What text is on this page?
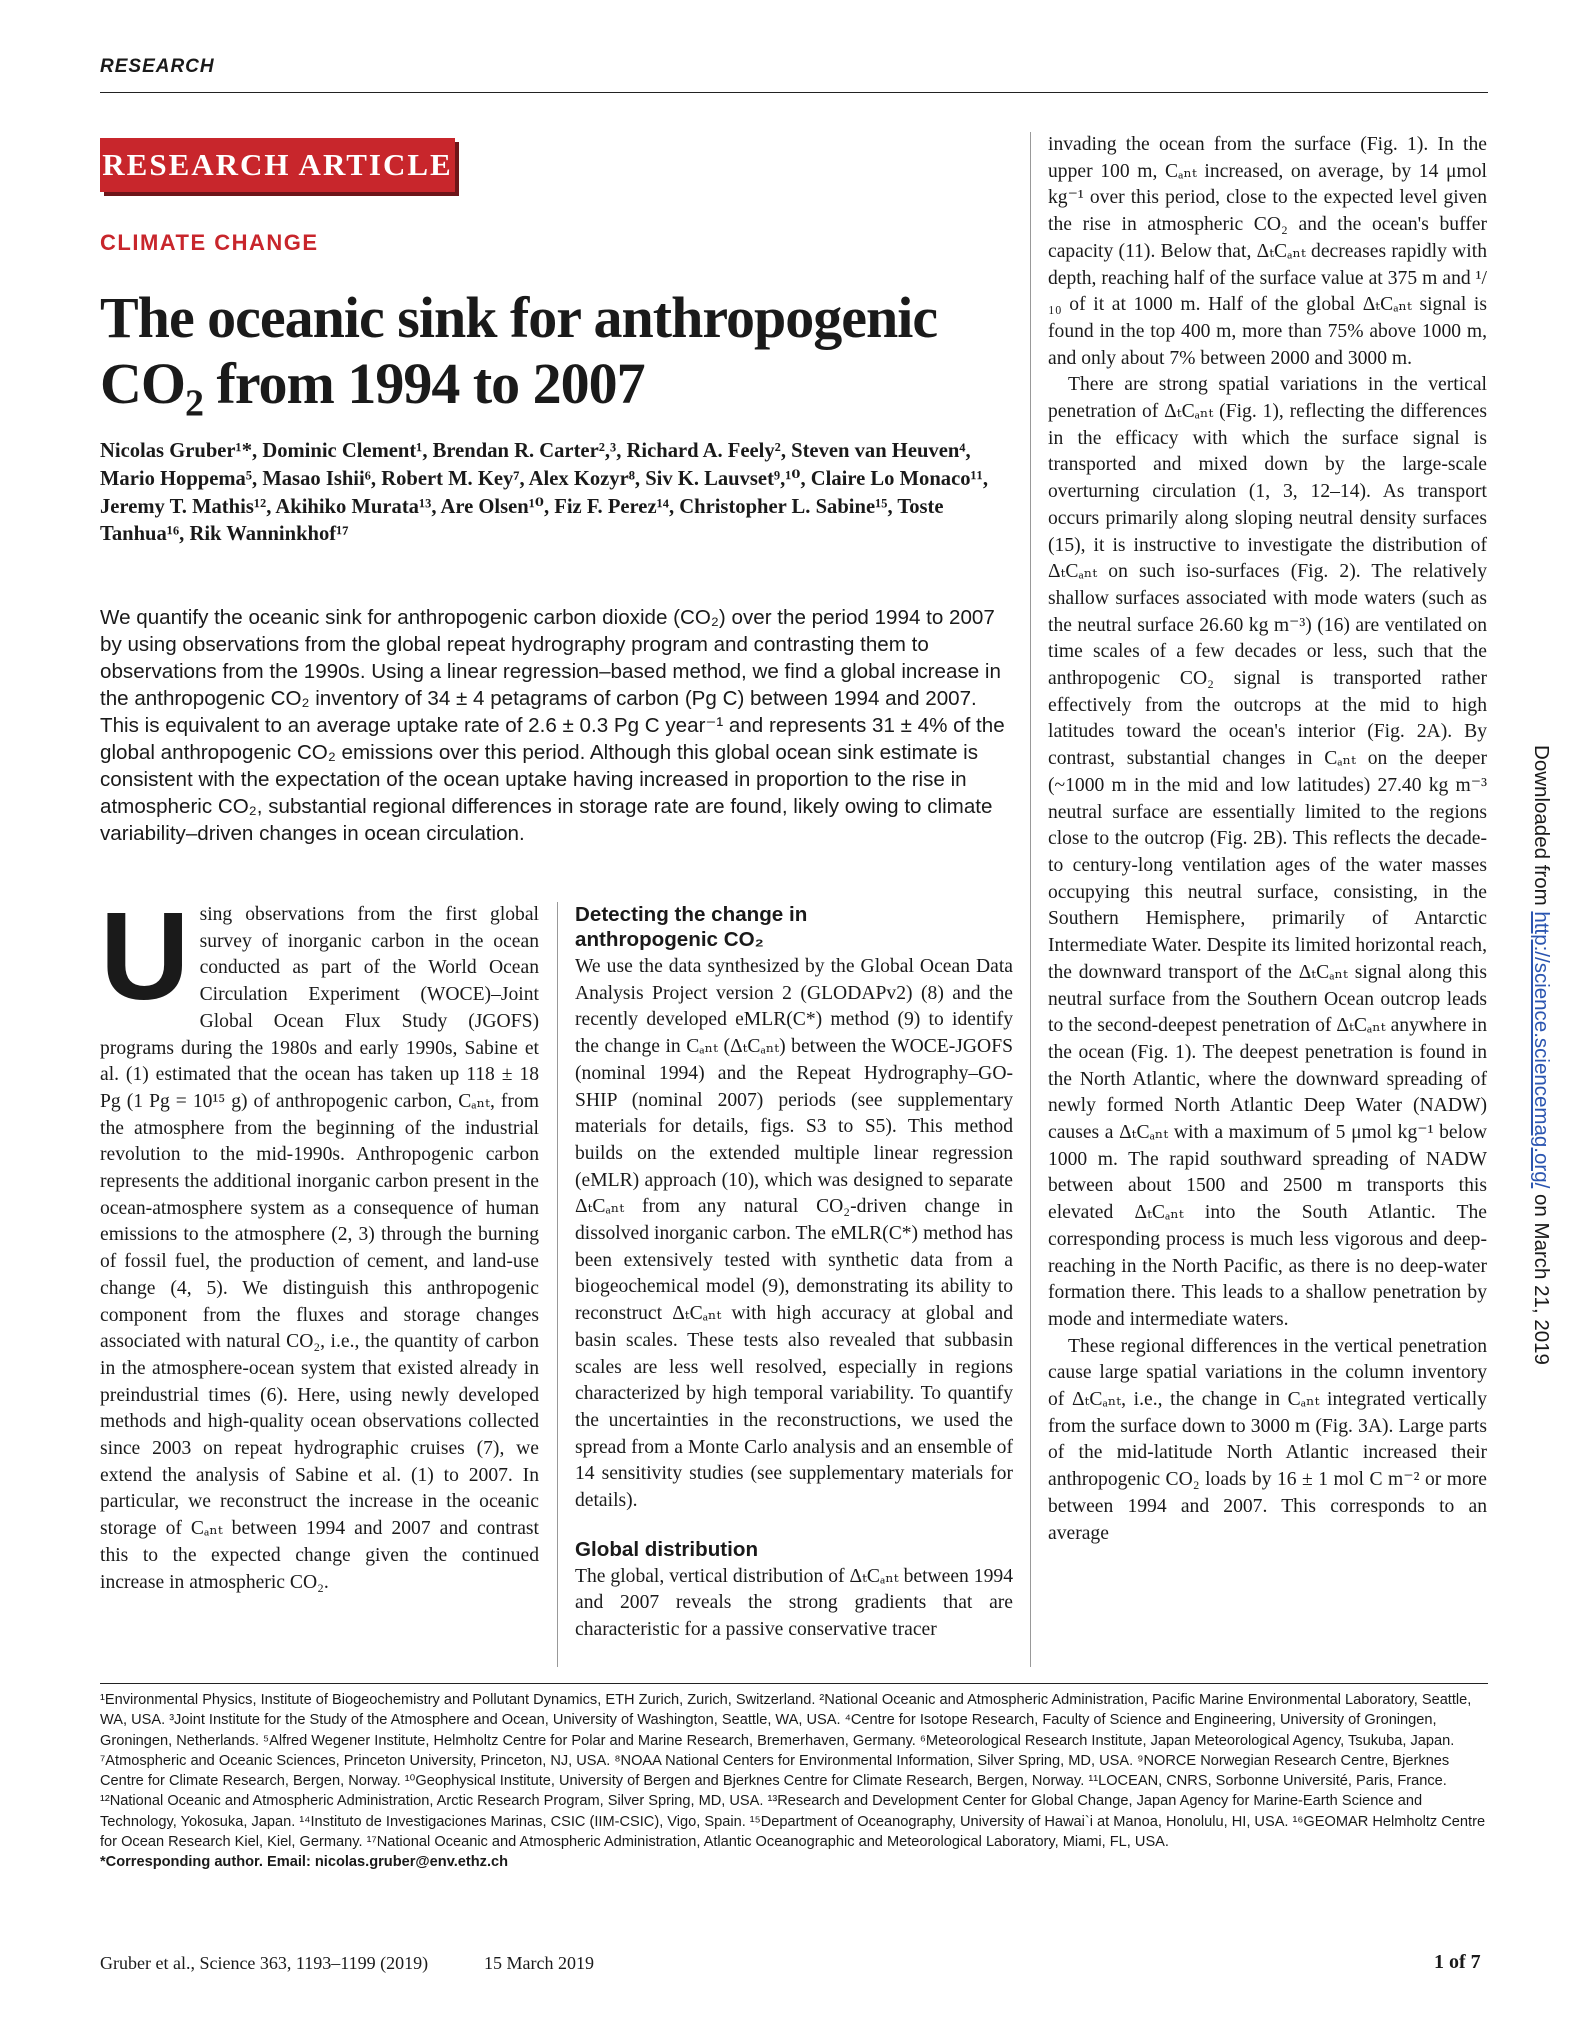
RESEARCH
RESEARCH ARTICLE
CLIMATE CHANGE
The oceanic sink for anthropogenic
$CO_2$ from 1994 to 2007
Nicolas Gruber¹*, Dominic Clement¹, Brendan R. Carter²,³, Richard A. Feely², Steven van Heuven⁴, Mario Hoppema⁵, Masao Ishii⁶, Robert M. Key⁷, Alex Kozyr⁸, Siv K. Lauvset⁹,¹⁰, Claire Lo Monaco¹¹, Jeremy T. Mathis¹², Akihiko Murata¹³, Are Olsen¹⁰, Fiz F. Perez¹⁴, Christopher L. Sabine¹⁵, Toste Tanhua¹⁶, Rik Wanninkhof¹⁷
We quantify the oceanic sink for anthropogenic carbon dioxide (CO₂) over the period 1994 to 2007 by using observations from the global repeat hydrography program and contrasting them to observations from the 1990s. Using a linear regression–based method, we find a global increase in the anthropogenic CO₂ inventory of 34 ± 4 petagrams of carbon (Pg C) between 1994 and 2007. This is equivalent to an average uptake rate of 2.6 ± 0.3 Pg C year⁻¹ and represents 31 ± 4% of the global anthropogenic CO₂ emissions over this period. Although this global ocean sink estimate is consistent with the expectation of the ocean uptake having increased in proportion to the rise in atmospheric CO₂, substantial regional differences in storage rate are found, likely owing to climate variability–driven changes in ocean circulation.
U sing observations from the first global survey of inorganic carbon in the ocean conducted as part of the World Ocean Circulation Experiment (WOCE)–Joint Global Ocean Flux Study (JGOFS) programs during the 1980s and early 1990s, Sabine et al. (1) estimated that the ocean has taken up 118 ± 18 Pg (1 Pg = 10¹⁵ g) of anthropogenic carbon, Cₐₙₜ, from the atmosphere from the beginning of the industrial revolution to the mid-1990s. Anthropogenic carbon represents the additional inorganic carbon present in the ocean-atmosphere system as a consequence of human emissions to the atmosphere (2, 3) through the burning of fossil fuel, the production of cement, and land-use change (4, 5). We distinguish this anthropogenic component from the fluxes and storage changes associated with natural CO₂, i.e., the quantity of carbon in the atmosphere-ocean system that existed already in preindustrial times (6). Here, using newly developed methods and high-quality ocean observations collected since 2003 on repeat hydrographic cruises (7), we extend the analysis of Sabine et al. (1) to 2007. In particular, we reconstruct the increase in the oceanic storage of Cₐₙₜ between 1994 and 2007 and contrast this to the expected change given the continued increase in atmospheric CO₂.

Detecting the change in
anthropogenic CO₂

We use the data synthesized by the Global Ocean Data Analysis Project version 2 (GLODAPv2) (8) and the recently developed eMLR(C*) method (9) to identify the change in Cₐₙₜ (ΔₜCₐₙₜ) between the WOCE-JGOFS (nominal 1994) and the Repeat Hydrography–GO-SHIP (nominal 2007) periods (see supplementary materials for details, figs. S3 to S5). This method builds on the extended multiple linear regression (eMLR) approach (10), which was designed to separate ΔₜCₐₙₜ from any natural CO₂-driven change in dissolved inorganic carbon. The eMLR(C*) method has been extensively tested with synthetic data from a biogeochemical model (9), demonstrating its ability to reconstruct ΔₜCₐₙₜ with high accuracy at global and basin scales. These tests also revealed that subbasin scales are less well resolved, especially in regions characterized by high temporal variability. To quantify the uncertainties in the reconstructions, we used the spread from a Monte Carlo analysis and an ensemble of 14 sensitivity studies (see supplementary materials for details).

Global distribution

The global, vertical distribution of ΔₜCₐₙₜ between 1994 and 2007 reveals the strong gradients that are characteristic for a passive conservative tracer

invading the ocean from the surface (Fig. 1). In the upper 100 m, Cₐₙₜ increased, on average, by 14 μmol kg⁻¹ over this period, close to the expected level given the rise in atmospheric CO₂ and the ocean's buffer capacity (11). Below that, ΔₜCₐₙₜ decreases rapidly with depth, reaching half of the surface value at 375 m and ¹/₁₀ of it at 1000 m. Half of the global ΔₜCₐₙₜ signal is found in the top 400 m, more than 75% above 1000 m, and only about 7% between 2000 and 3000 m.

There are strong spatial variations in the vertical penetration of ΔₜCₐₙₜ (Fig. 1), reflecting the differences in the efficacy with which the surface signal is transported and mixed down by the large-scale overturning circulation (1, 3, 12–14). As transport occurs primarily along sloping neutral density surfaces (15), it is instructive to investigate the distribution of ΔₜCₐₙₜ on such iso-surfaces (Fig. 2). The relatively shallow surfaces associated with mode waters (such as the neutral surface 26.60 kg m⁻³) (16) are ventilated on time scales of a few decades or less, such that the anthropogenic CO₂ signal is transported rather effectively from the outcrops at the mid to high latitudes toward the ocean's interior (Fig. 2A). By contrast, substantial changes in Cₐₙₜ on the deeper (~1000 m in the mid and low latitudes) 27.40 kg m⁻³ neutral surface are essentially limited to the regions close to the outcrop (Fig. 2B). This reflects the decade- to century-long ventilation ages of the water masses occupying this neutral surface, consisting, in the Southern Hemisphere, primarily of Antarctic Intermediate Water. Despite its limited horizontal reach, the downward transport of the ΔₜCₐₙₜ signal along this neutral surface from the Southern Ocean outcrop leads to the second-deepest penetration of ΔₜCₐₙₜ anywhere in the ocean (Fig. 1). The deepest penetration is found in the North Atlantic, where the downward spreading of newly formed North Atlantic Deep Water (NADW) causes a ΔₜCₐₙₜ with a maximum of 5 μmol kg⁻¹ below 1000 m. The rapid southward spreading of NADW between about 1500 and 2500 m transports this elevated ΔₜCₐₙₜ into the South Atlantic. The corresponding process is much less vigorous and deep-reaching in the North Pacific, as there is no deep-water formation there. This leads to a shallow penetration by mode and intermediate waters.

These regional differences in the vertical penetration cause large spatial variations in the column inventory of ΔₜCₐₙₜ, i.e., the change in Cₐₙₜ integrated vertically from the surface down to 3000 m (Fig. 3A). Large parts of the mid-latitude North Atlantic increased their anthropogenic CO₂ loads by 16 ± 1 mol C m⁻² or more between 1994 and 2007. This corresponds to an average

¹Environmental Physics, Institute of Biogeochemistry and Pollutant Dynamics, ETH Zurich, Zurich, Switzerland. ²National Oceanic and Atmospheric Administration, Pacific Marine Environmental Laboratory, Seattle, WA, USA. ³Joint Institute for the Study of the Atmosphere and Ocean, University of Washington, Seattle, WA, USA. ⁴Centre for Isotope Research, Faculty of Science and Engineering, University of Groningen, Groningen, Netherlands. ⁵Alfred Wegener Institute, Helmholtz Centre for Polar and Marine Research, Bremerhaven, Germany. ⁶Meteorological Research Institute, Japan Meteorological Agency, Tsukuba, Japan. ⁷Atmospheric and Oceanic Sciences, Princeton University, Princeton, NJ, USA. ⁸NOAA National Centers for Environmental Information, Silver Spring, MD, USA. ⁹NORCE Norwegian Research Centre, Bjerknes Centre for Climate Research, Bergen, Norway. ¹⁰Geophysical Institute, University of Bergen and Bjerknes Centre for Climate Research, Bergen, Norway. ¹¹LOCEAN, CNRS, Sorbonne Université, Paris, France. ¹²National Oceanic and Atmospheric Administration, Arctic Research Program, Silver Spring, MD, USA. ¹³Research and Development Center for Global Change, Japan Agency for Marine-Earth Science and Technology, Yokosuka, Japan. ¹⁴Instituto de Investigaciones Marinas, CSIC (IIM-CSIC), Vigo, Spain. ¹⁵Department of Oceanography, University of Hawai`i at Manoa, Honolulu, HI, USA. ¹⁶GEOMAR Helmholtz Centre for Ocean Research Kiel, Kiel, Germany. ¹⁷National Oceanic and Atmospheric Administration, Atlantic Oceanographic and Meteorological Laboratory, Miami, FL, USA.
*Corresponding author. Email: nicolas.gruber@env.ethz.ch
Gruber et al., Science 363, 1193–1199 (2019)	15 March 2019	1 of 7
Downloaded from http://science.sciencemag.org/ on March 21, 2019
